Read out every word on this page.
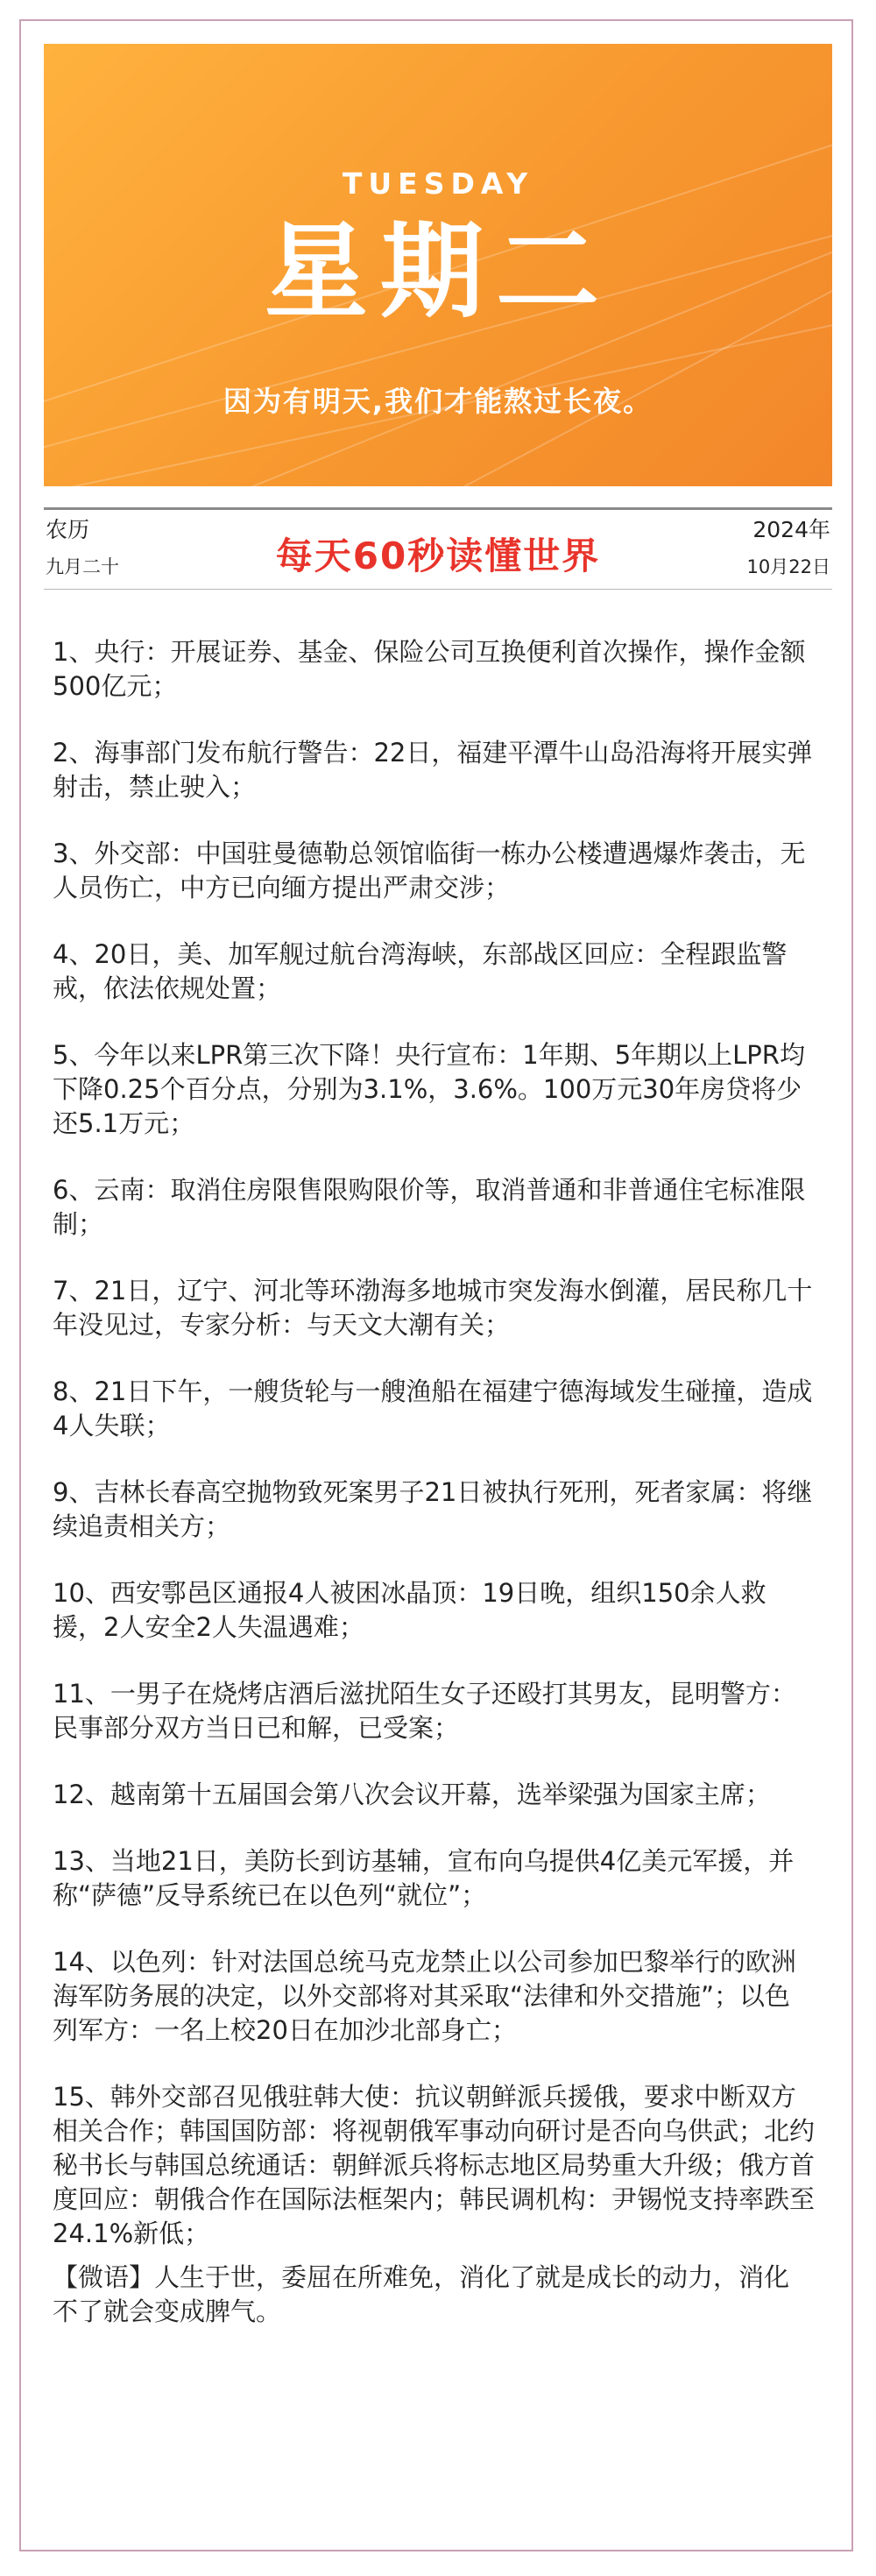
TUESDAY
星期二
因为有明天,我们才能熬过长夜。
农历
九月二十	每天60秒读懂世界
2024年
10月22日
1、央行：开展证券、基金、保险公司互换便利首次操作，操作金额500亿元；
2、海事部门发布航行警告：22日，福建平潭牛山岛沿海将开展实弹射击，禁止驶入；
3、外交部：中国驻曼德勒总领馆临街一栋办公楼遭遇爆炸袭击，无人员伤亡，中方已向缅方提出严肃交涉；
4、20日，美、加军舰过航台湾海峡，东部战区回应：全程跟监警戒，依法依规处置；
5、今年以来LPR第三次下降！央行宣布：1年期、5年期以上LPR均下降0.25个百分点，分别为3.1%，3.6%。100万元30年房贷将少还5.1万元；
6、云南：取消住房限售限购限价等，取消普通和非普通住宅标准限制；
7、21日，辽宁、河北等环渤海多地城市突发海水倒灌，居民称几十年没见过，专家分析：与天文大潮有关；
8、21日下午，一艘货轮与一艘渔船在福建宁德海域发生碰撞，造成4人失联；
9、吉林长春高空抛物致死案男子21日被执行死刑，死者家属：将继续追责相关方；
10、西安鄠邑区通报4人被困冰晶顶：19日晚，组织150余人救援，2人安全2人失温遇难；
11、一男子在烧烤店酒后滋扰陌生女子还殴打其男友，昆明警方：民事部分双方当日已和解，已受案；
12、越南第十五届国会第八次会议开幕，选举梁强为国家主席；
13、当地21日，美防长到访基辅，宣布向乌提供4亿美元军援，并称“萨德”反导系统已在以色列“就位”；
14、以色列：针对法国总统马克龙禁止以公司参加巴黎举行的欧洲海军防务展的决定，以外交部将对其采取“法律和外交措施”；以色列军方：一名上校20日在加沙北部身亡；
15、韩外交部召见俄驻韩大使：抗议朝鲜派兵援俄，要求中断双方相关合作；韩国国防部：将视朝俄军事动向研讨是否向乌供武；北约秘书长与韩国总统通话：朝鲜派兵将标志地区局势重大升级；俄方首度回应：朝俄合作在国际法框架内；韩民调机构：尹锡悦支持率跌至24.1%新低；
【微语】人生于世，委屈在所难免，消化了就是成长的动力，消化不了就会变成脾气。
